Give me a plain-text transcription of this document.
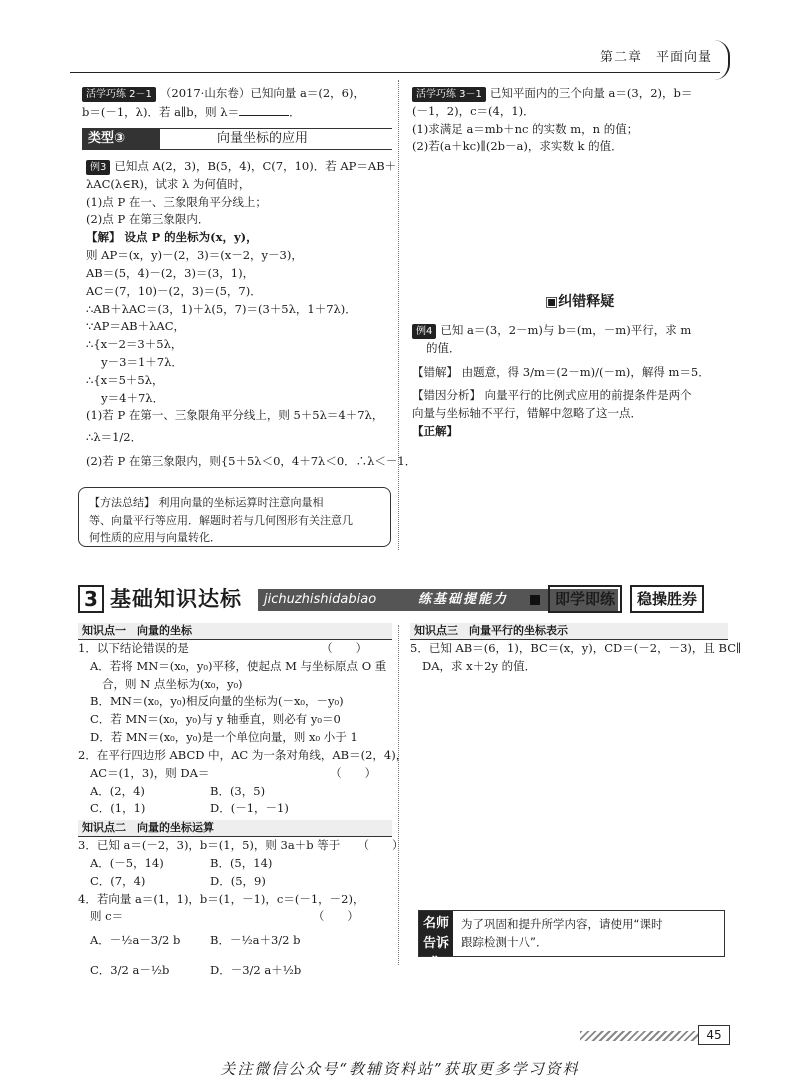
第二章　平面向量
活学巧练 2－1 （2017·山东卷）已知向量 a＝(2，6)，
b＝(－1，λ)．若 a∥b，则 λ＝	．
类型③	向量坐标的应用
例3 已知点 A(2，3)，B(5，4)，C(7，10)．若 AP＝AB＋
λAC(λ∈R)，试求 λ 为何值时，
(1)点 P 在一、三象限角平分线上；
(2)点 P 在第三象限内．
【解】 设点 P 的坐标为(x，y)，
则 AP＝(x，y)－(2，3)＝(x－2，y－3)，
AB＝(5，4)－(2，3)＝(3，1)，
AC＝(7，10)－(2，3)＝(5，7)．
∴AB＋λAC＝(3，1)＋λ(5，7)＝(3＋5λ，1＋7λ)．
∵AP＝AB＋λAC，
∴{x－2＝3＋5λ，
　 y－3＝1＋7λ．
∴{x＝5＋5λ，
　 y＝4＋7λ．
(1)若 P 在第一、三象限角平分线上，则 5＋5λ＝4＋7λ，
∴λ＝1/2．
(2)若 P 在第三象限内，则{5＋5λ＜0，4＋7λ＜0．∴λ＜－1．
【方法总结】 利用向量的坐标运算时注意向量相
等、向量平行等应用．解题时若与几何图形有关注意几
何性质的应用与向量转化．
活学巧练 3－1 已知平面内的三个向量 a＝(3，2)，b＝
(－1，2)，c＝(4，1)．
(1)求满足 a＝mb＋nc 的实数 m，n 的值；
(2)若(a＋kc)∥(2b－a)，求实数 k 的值．
▣纠错释疑
例4 已知 a＝(3，2－m)与 b＝(m，－m)平行，求 m
的值．
【错解】 由题意，得 3/m＝(2－m)/(－m)，解得 m＝5．
【错因分析】 向量平行的比例式应用的前提条件是两个
向量与坐标轴不平行，错解中忽略了这一点．
【正解】
3 基础知识达标 jichuzhishidabiao	练基础提能力	即学即练	稳操胜券
知识点一　向量的坐标
1．以下结论错误的是　　　　　　　　　　　　（　　）
A．若将 MN＝(x₀，y₀)平移，使起点 M 与坐标原点 O 重
合，则 N 点坐标为(x₀，y₀)
B．MN＝(x₀，y₀)相反向量的坐标为(－x₀，－y₀)
C．若 MN＝(x₀，y₀)与 y 轴垂直，则必有 y₀＝0
D．若 MN＝(x₀，y₀)是一个单位向量，则 x₀ 小于 1
2．在平行四边形 ABCD 中，AC 为一条对角线，AB＝(2，4)，
AC＝(1，3)，则 DA＝　　　　　　　　　　　（　　）
A．(2，4)	B．(3，5)
C．(1，1)	D．(－1，－1)
知识点二　向量的坐标运算
3．已知 a＝(－2，3)，b＝(1，5)，则 3a＋b 等于　　（　　）
A．(－5，14)	B．(5，14)
C．(7，4)	D．(5，9)
4．若向量 a＝(1，1)，b＝(1，－1)，c＝(－1，－2)，
则 c＝　　　　　　　　　　　　　　　　　（　　）
A．－½a－3/2 b	B．－½a＋3/2 b
C．3/2 a－½b	D．－3/2 a＋½b
知识点三　向量平行的坐标表示
5．已知 AB＝(6，1)，BC＝(x，y)，CD＝(－2，－3)，且 BC∥
DA，求 x＋2y 的值．
名师告诉你
为了巩固和提升所学内容，请使用“课时
跟踪检测十八”．
45
关注微信公众号“教辅资料站”获取更多学习资料
